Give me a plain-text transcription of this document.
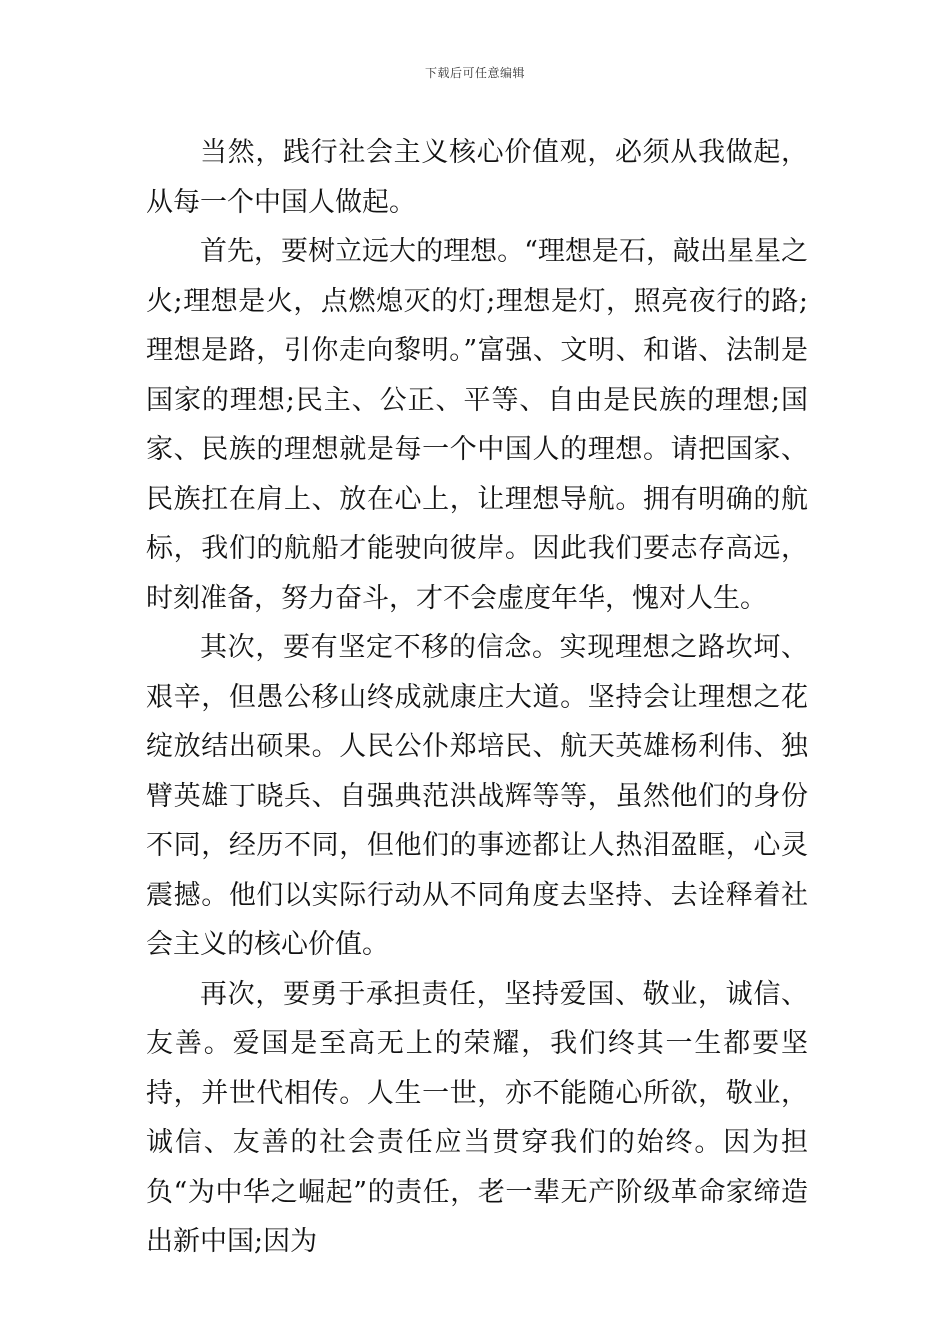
下载后可任意编辑

当然，践行社会主义核心价值观，必须从我做起，从每一个中国人做起。

首先，要树立远大的理想。“理想是石，敲出星星之火;理想是火，点燃熄灭的灯;理想是灯，照亮夜行的路;理想是路，引你走向黎明。”富强、文明、和谐、法制是国家的理想;民主、公正、平等、自由是民族的理想;国家、民族的理想就是每一个中国人的理想。请把国家、民族扛在肩上、放在心上，让理想导航。拥有明确的航标，我们的航船才能驶向彼岸。因此我们要志存高远，时刻准备，努力奋斗，才不会虚度年华，愧对人生。

其次，要有坚定不移的信念。实现理想之路坎坷、艰辛，但愚公移山终成就康庄大道。坚持会让理想之花绽放结出硕果。人民公仆郑培民、航天英雄杨利伟、独臂英雄丁晓兵、自强典范洪战辉等等，虽然他们的身份不同，经历不同，但他们的事迹都让人热泪盈眶，心灵震撼。他们以实际行动从不同角度去坚持、去诠释着社会主义的核心价值。

再次，要勇于承担责任，坚持爱国、敬业，诚信、友善。爱国是至高无上的荣耀，我们终其一生都要坚持，并世代相传。人生一世，亦不能随心所欲，敬业，诚信、友善的社会责任应当贯穿我们的始终。因为担负“为中华之崛起”的责任，老一辈无产阶级革命家缔造出新中国;因为
